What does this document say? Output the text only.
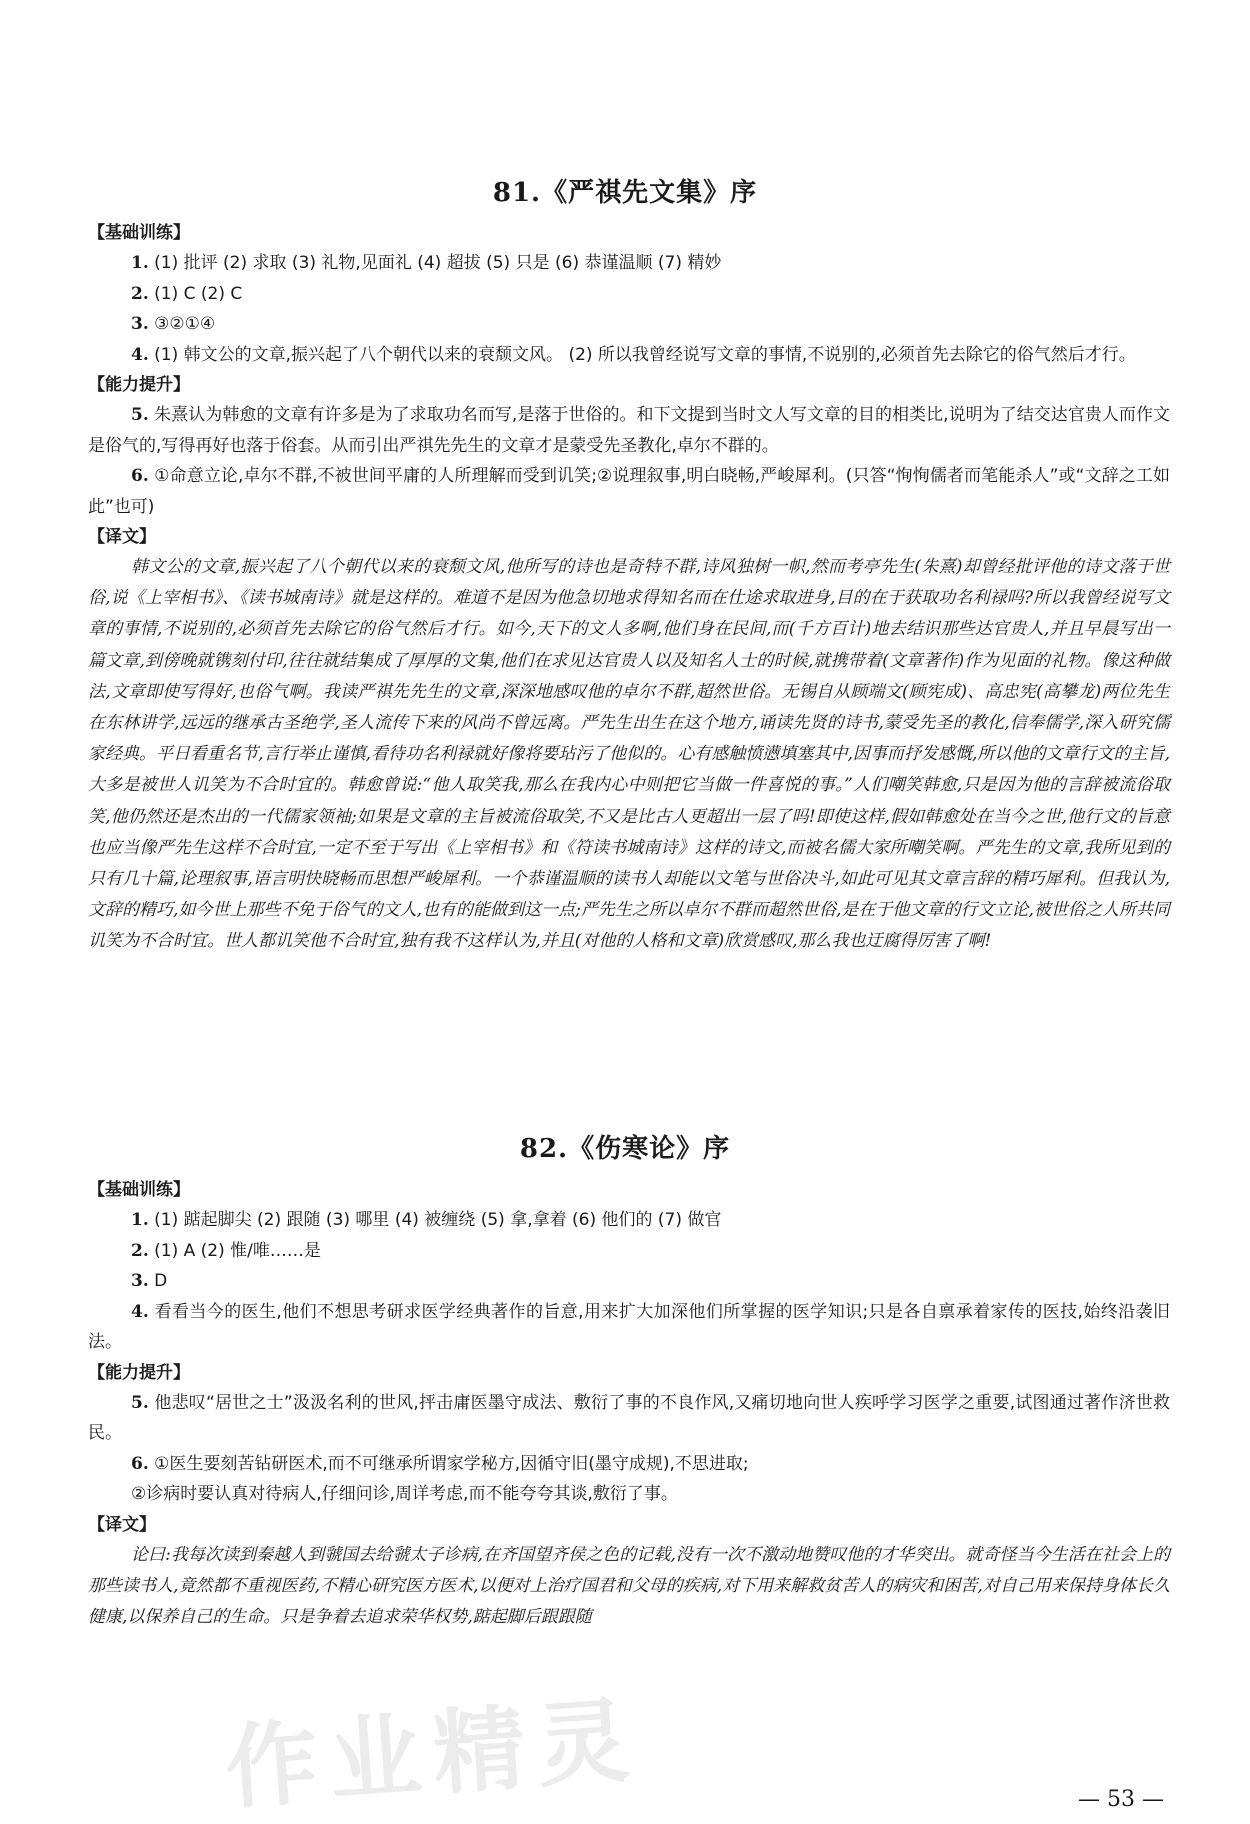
81.《严祺先文集》序
【基础训练】

1. (1) 批评 (2) 求取 (3) 礼物,见面礼 (4) 超拔 (5) 只是 (6) 恭谨温顺 (7) 精妙

2. (1) C (2) C

3. ③②①④

4. (1) 韩文公的文章,振兴起了八个朝代以来的衰颓文风。 (2) 所以我曾经说写文章的事情,不说别的,必须首先去除它的俗气然后才行。

【能力提升】

5. 朱熹认为韩愈的文章有许多是为了求取功名而写,是落于世俗的。和下文提到当时文人写文章的目的相类比,说明为了结交达官贵人而作文是俗气的,写得再好也落于俗套。从而引出严祺先先生的文章才是蒙受先圣教化,卓尔不群的。

6. ①命意立论,卓尔不群,不被世间平庸的人所理解而受到讥笑;②说理叙事,明白晓畅,严峻犀利。(只答“恂恂儒者而笔能杀人”或“文辞之工如此”也可)

【译文】

韩文公的文章,振兴起了八个朝代以来的衰颓文风,他所写的诗也是奇特不群,诗风独树一帜,然而考亭先生(朱熹)却曾经批评他的诗文落于世俗,说《上宰相书》、《读书城南诗》就是这样的。难道不是因为他急切地求得知名而在仕途求取进身,目的在于获取功名利禄吗?所以我曾经说写文章的事情,不说别的,必须首先去除它的俗气然后才行。如今,天下的文人多啊,他们身在民间,而(千方百计)地去结识那些达官贵人,并且早晨写出一篇文章,到傍晚就镌刻付印,往往就结集成了厚厚的文集,他们在求见达官贵人以及知名人士的时候,就携带着(文章著作)作为见面的礼物。像这种做法,文章即使写得好,也俗气啊。我读严祺先先生的文章,深深地感叹他的卓尔不群,超然世俗。无锡自从顾端文(顾宪成)、高忠宪(高攀龙)两位先生在东林讲学,远远的继承古圣绝学,圣人流传下来的风尚不曾远离。严先生出生在这个地方,诵读先贤的诗书,蒙受先圣的教化,信奉儒学,深入研究儒家经典。平日看重名节,言行举止谨慎,看待功名利禄就好像将要玷污了他似的。心有感触愤懑填塞其中,因事而抒发感慨,所以他的文章行文的主旨,大多是被世人讥笑为不合时宜的。韩愈曾说:“他人取笑我,那么在我内心中则把它当做一件喜悦的事。”人们嘲笑韩愈,只是因为他的言辞被流俗取笑,他仍然还是杰出的一代儒家领袖;如果是文章的主旨被流俗取笑,不又是比古人更超出一层了吗!即使这样,假如韩愈处在当今之世,他行文的旨意也应当像严先生这样不合时宜,一定不至于写出《上宰相书》和《符读书城南诗》这样的诗文,而被名儒大家所嘲笑啊。严先生的文章,我所见到的只有几十篇,论理叙事,语言明快晓畅而思想严峻犀利。一个恭谨温顺的读书人却能以文笔与世俗决斗,如此可见其文章言辞的精巧犀利。但我认为,文辞的精巧,如今世上那些不免于俗气的文人,也有的能做到这一点;严先生之所以卓尔不群而超然世俗,是在于他文章的行文立论,被世俗之人所共同讥笑为不合时宜。世人都讥笑他不合时宜,独有我不这样认为,并且(对他的人格和文章)欣赏感叹,那么我也迂腐得厉害了啊!

82.《伤寒论》序
【基础训练】

1. (1) 踮起脚尖 (2) 跟随 (3) 哪里 (4) 被缠绕 (5) 拿,拿着 (6) 他们的 (7) 做官

2. (1) A (2) 惟/唯……是

3. D

4. 看看当今的医生,他们不想思考研求医学经典著作的旨意,用来扩大加深他们所掌握的医学知识;只是各自禀承着家传的医技,始终沿袭旧法。

【能力提升】

5. 他悲叹“居世之士”汲汲名利的世风,抨击庸医墨守成法、敷衍了事的不良作风,又痛切地向世人疾呼学习医学之重要,试图通过著作济世救民。

6. ①医生要刻苦钻研医术,而不可继承所谓家学秘方,因循守旧(墨守成规),不思进取;

②诊病时要认真对待病人,仔细问诊,周详考虑,而不能夸夸其谈,敷衍了事。

【译文】

论曰:我每次读到秦越人到虢国去给虢太子诊病,在齐国望齐侯之色的记载,没有一次不激动地赞叹他的才华突出。就奇怪当今生活在社会上的那些读书人,竟然都不重视医药,不精心研究医方医术,以便对上治疗国君和父母的疾病,对下用来解救贫苦人的病灾和困苦,对自己用来保持身体长久健康,以保养自己的生命。只是争着去追求荣华权势,踮起脚后跟跟随

作业精灵	— 53 —
